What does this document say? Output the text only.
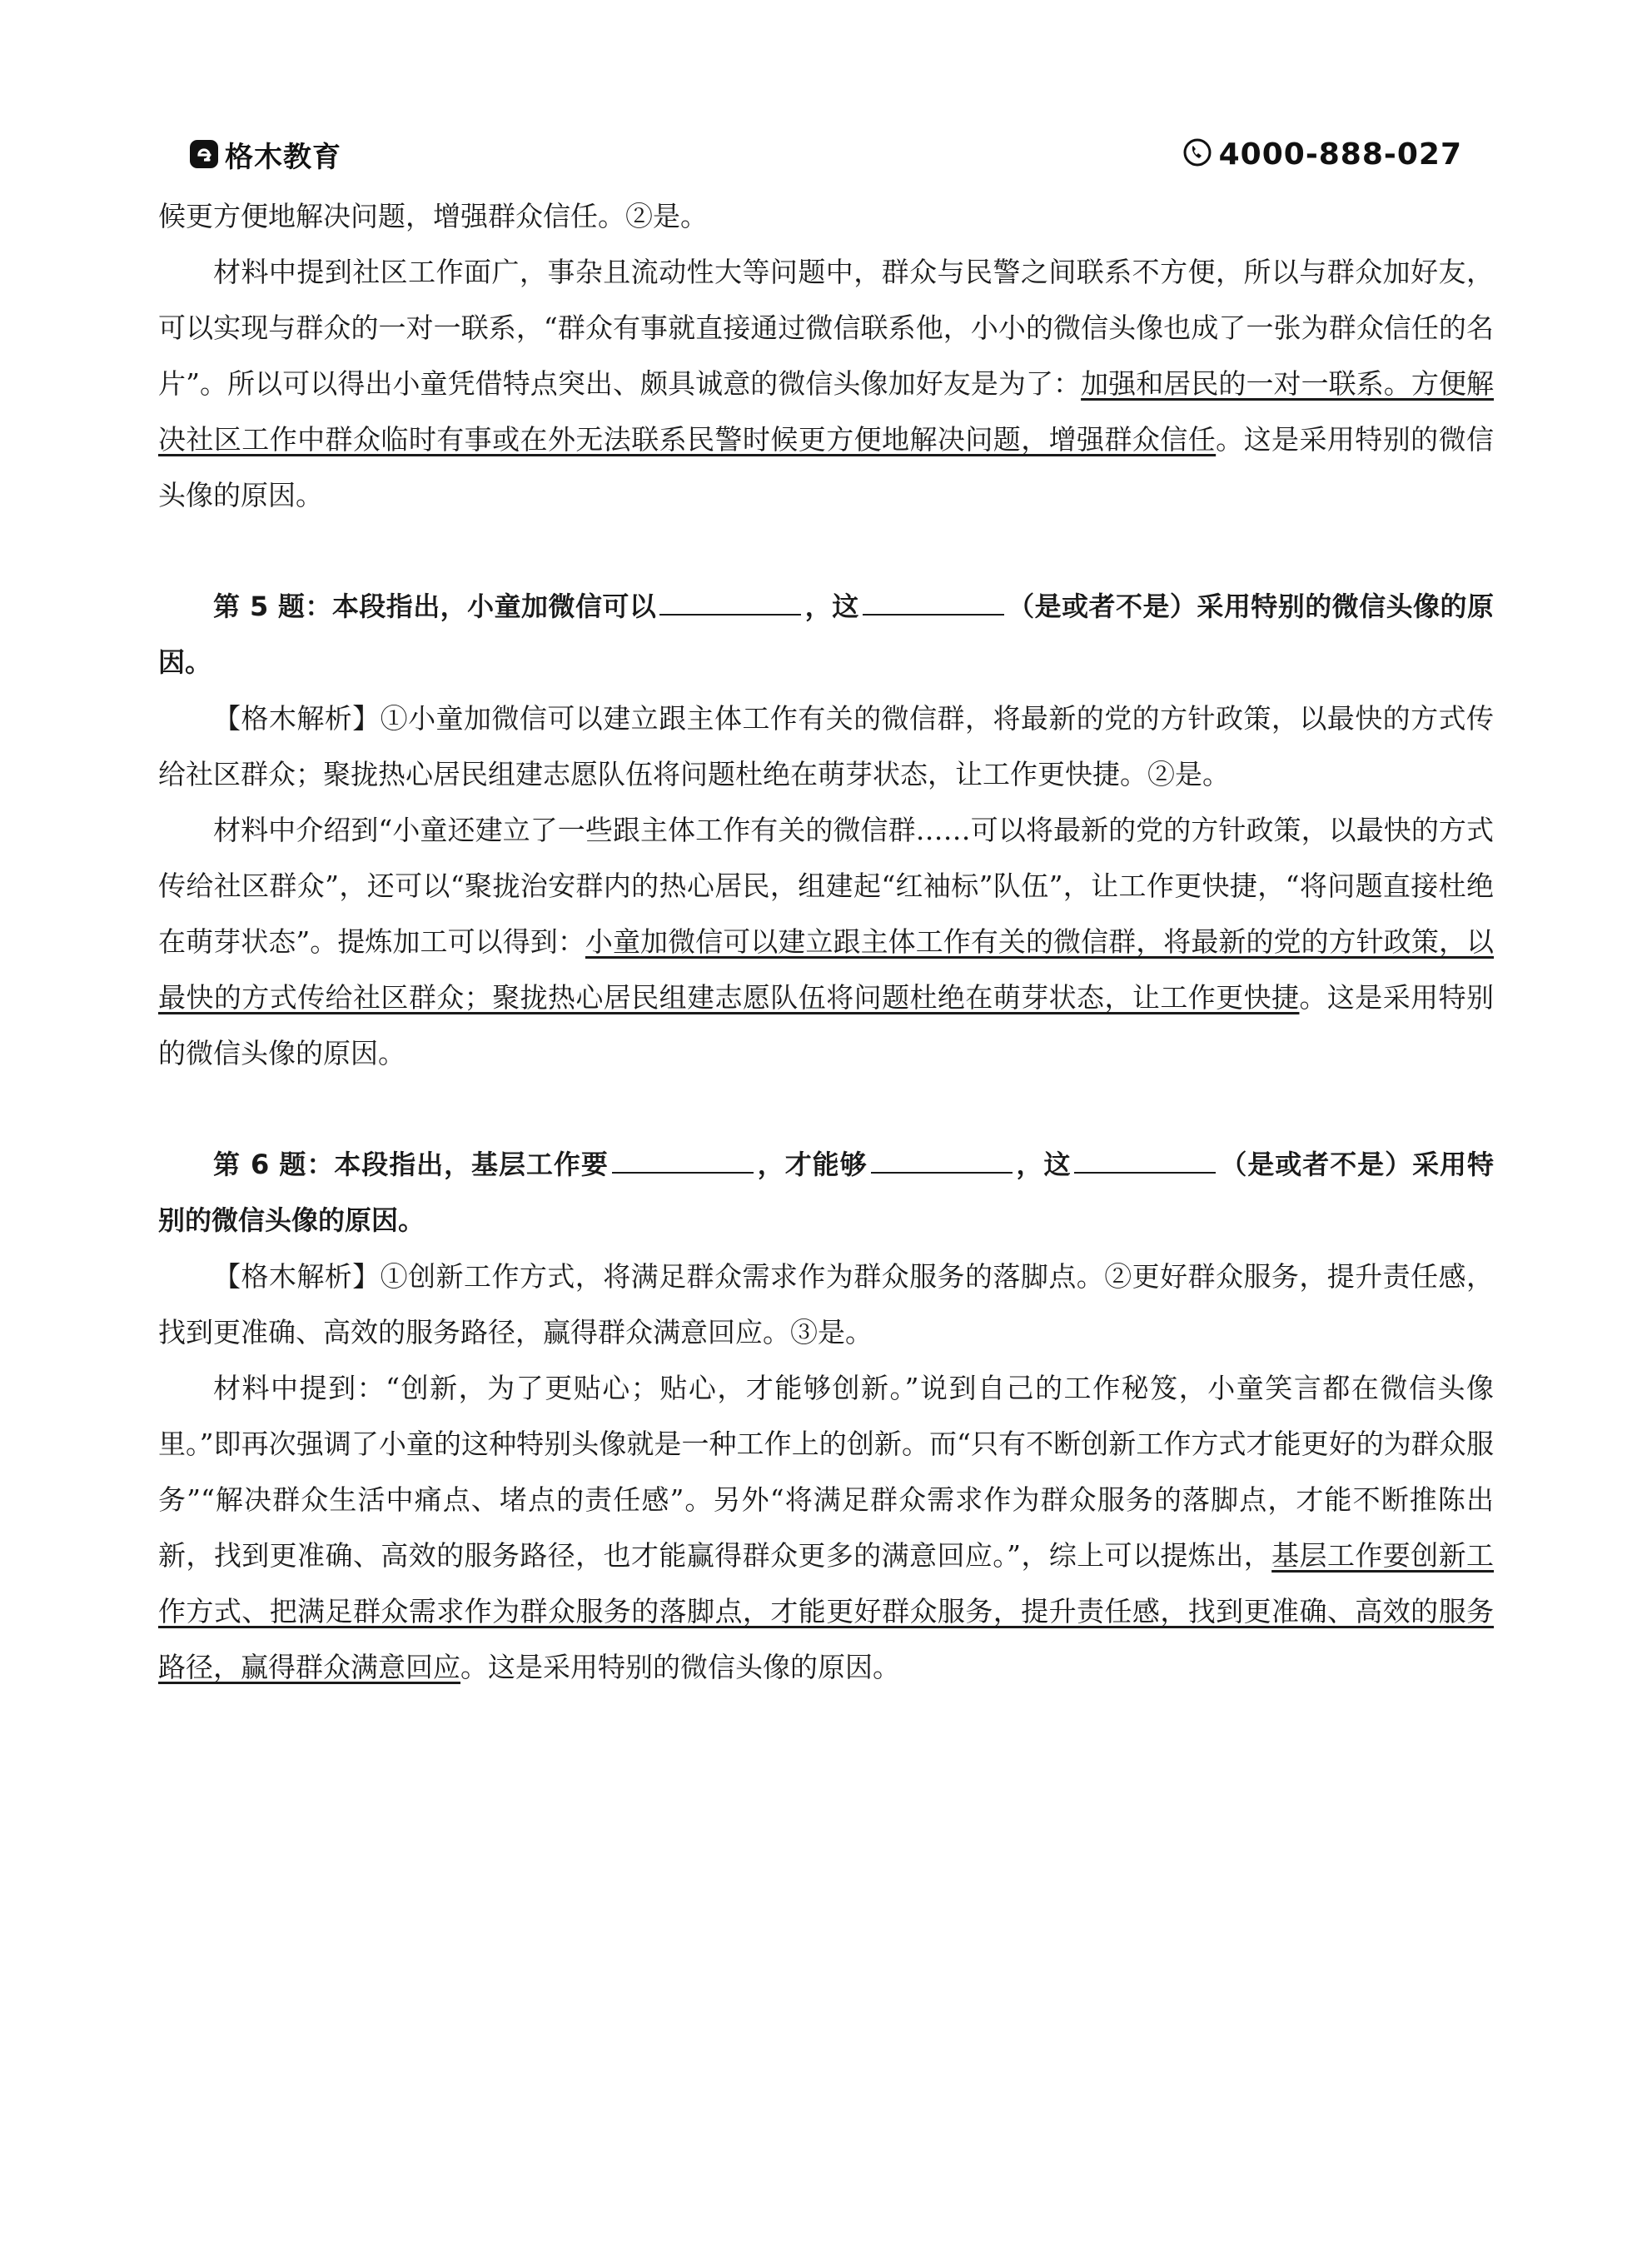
格木教育	4000-888-027

候更方便地解决问题，增强群众信任。②是。

材料中提到社区工作面广，事杂且流动性大等问题中，群众与民警之间联系不方便，所以与群众加好友，可以实现与群众的一对一联系，“群众有事就直接通过微信联系他，小小的微信头像也成了一张为群众信任的名片”。所以可以得出小童凭借特点突出、颇具诚意的微信头像加好友是为了：加强和居民的一对一联系。方便解决社区工作中群众临时有事或在外无法联系民警时候更方便地解决问题，增强群众信任。这是采用特别的微信头像的原因。

第 5 题：本段指出，小童加微信可以	，这	（是或者不是）采用特别的微信头像的原因。

【格木解析】①小童加微信可以建立跟主体工作有关的微信群，将最新的党的方针政策，以最快的方式传给社区群众；聚拢热心居民组建志愿队伍将问题杜绝在萌芽状态，让工作更快捷。②是。

材料中介绍到“小童还建立了一些跟主体工作有关的微信群……可以将最新的党的方针政策，以最快的方式传给社区群众”，还可以“聚拢治安群内的热心居民，组建起“红袖标”队伍”，让工作更快捷，“将问题直接杜绝在萌芽状态”。提炼加工可以得到：小童加微信可以建立跟主体工作有关的微信群，将最新的党的方针政策，以最快的方式传给社区群众；聚拢热心居民组建志愿队伍将问题杜绝在萌芽状态，让工作更快捷。这是采用特别的微信头像的原因。

第 6 题：本段指出，基层工作要	，才能够	，这	（是或者不是）采用特别的微信头像的原因。

【格木解析】①创新工作方式，将满足群众需求作为群众服务的落脚点。②更好群众服务，提升责任感，找到更准确、高效的服务路径，赢得群众满意回应。③是。

材料中提到：“创新，为了更贴心；贴心，才能够创新。”说到自己的工作秘笈，小童笑言都在微信头像里。”即再次强调了小童的这种特别头像就是一种工作上的创新。而“只有不断创新工作方式才能更好的为群众服务”“解决群众生活中痛点、堵点的责任感”。另外“将满足群众需求作为群众服务的落脚点，才能不断推陈出新，找到更准确、高效的服务路径，也才能赢得群众更多的满意回应。”，综上可以提炼出，基层工作要创新工作方式、把满足群众需求作为群众服务的落脚点，才能更好群众服务，提升责任感，找到更准确、高效的服务路径，赢得群众满意回应。这是采用特别的微信头像的原因。
